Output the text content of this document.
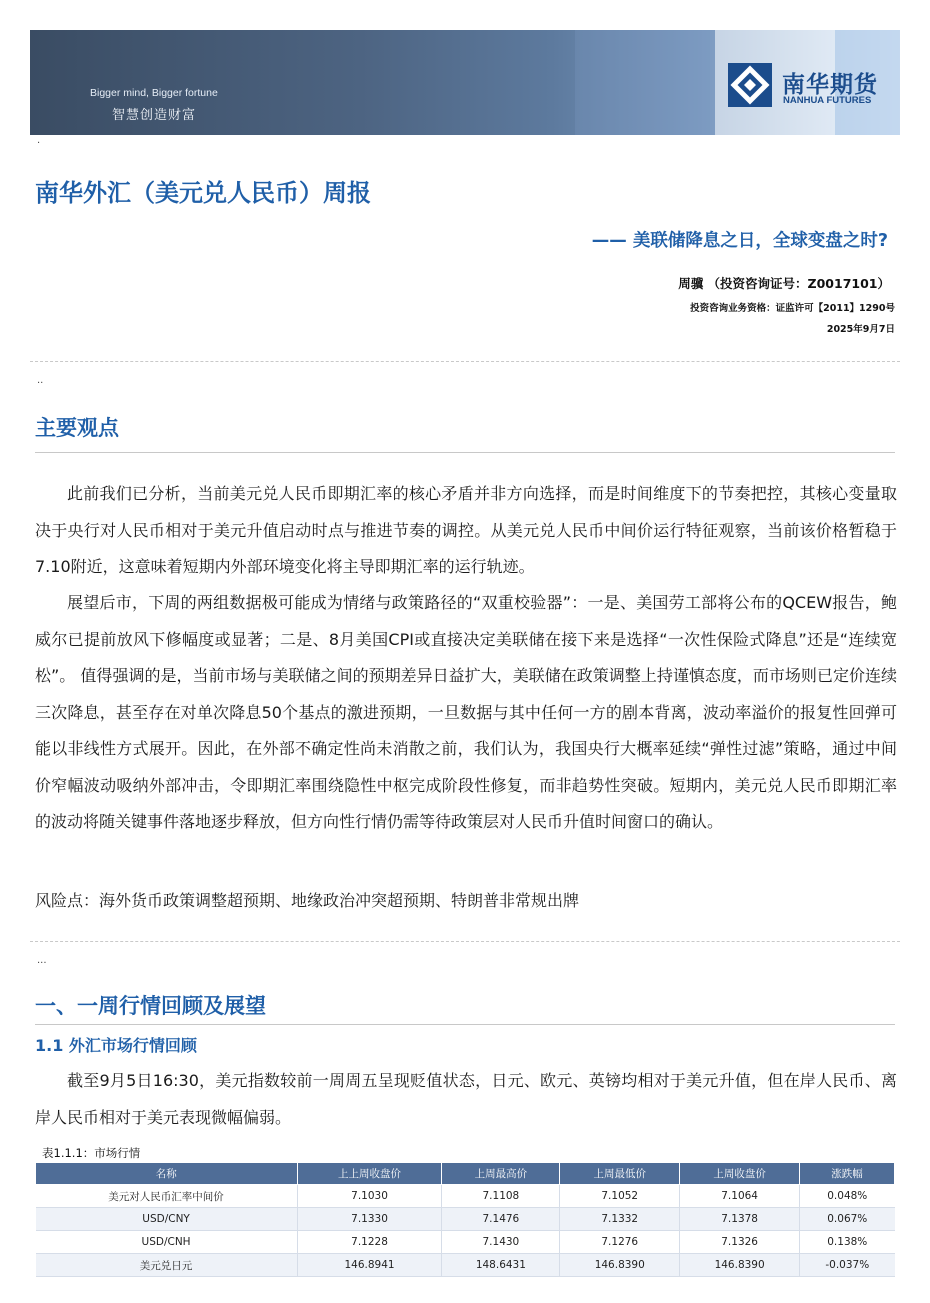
Bigger mind, Bigger fortune
智慧创造财富
南华期货
NANHUA FUTURES
·
南华外汇（美元兑人民币）周报
—— 美联储降息之日，全球变盘之时?
周骥 （投资咨询证号：Z0017101）
投资咨询业务资格：证监许可【2011】1290号
2025年9月7日
··
主要观点

此前我们已分析，当前美元兑人民币即期汇率的核心矛盾并非方向选择，而是时间维度下的节奏把控，其核心变量取决于央行对人民币相对于美元升值启动时点与推进节奏的调控。从美元兑人民币中间价运行特征观察，当前该价格暂稳于7.10附近，这意味着短期内外部环境变化将主导即期汇率的运行轨迹。

展望后市，下周的两组数据极可能成为情绪与政策路径的“双重校验器”：一是、美国劳工部将公布的QCEW报告，鲍威尔已提前放风下修幅度或显著；二是、8月美国CPI或直接决定美联储在接下来是选择“一次性保险式降息”还是“连续宽松”。 值得强调的是，当前市场与美联储之间的预期差异日益扩大，美联储在政策调整上持谨慎态度，而市场则已定价连续三次降息，甚至存在对单次降息50个基点的激进预期，一旦数据与其中任何一方的剧本背离，波动率溢价的报复性回弹可能以非线性方式展开。因此，在外部不确定性尚未消散之前，我们认为，我国央行大概率延续“弹性过滤”策略，通过中间价窄幅波动吸纳外部冲击，令即期汇率围绕隐性中枢完成阶段性修复，而非趋势性突破。短期内，美元兑人民币即期汇率的波动将随关键事件落地逐步释放，但方向性行情仍需等待政策层对人民币升值时间窗口的确认。

风险点：海外货币政策调整超预期、地缘政治冲突超预期、特朗普非常规出牌
···
一、一周行情回顾及展望
1.1 外汇市场行情回顾

截至9月5日16:30，美元指数较前一周周五呈现贬值状态，日元、欧元、英镑均相对于美元升值，但在岸人民币、离岸人民币相对于美元表现微幅偏弱。

表1.1.1：市场行情
名称	上上周收盘价	上周最高价	上周最低价	上周收盘价	涨跌幅
美元对人民币汇率中间价	7.1030	7.1108	7.1052	7.1064	0.048%
USD/CNY	7.1330	7.1476	7.1332	7.1378	0.067%
USD/CNH	7.1228	7.1430	7.1276	7.1326	0.138%
美元兑日元	146.8941	148.6431	146.8390	146.8390	-0.037%
